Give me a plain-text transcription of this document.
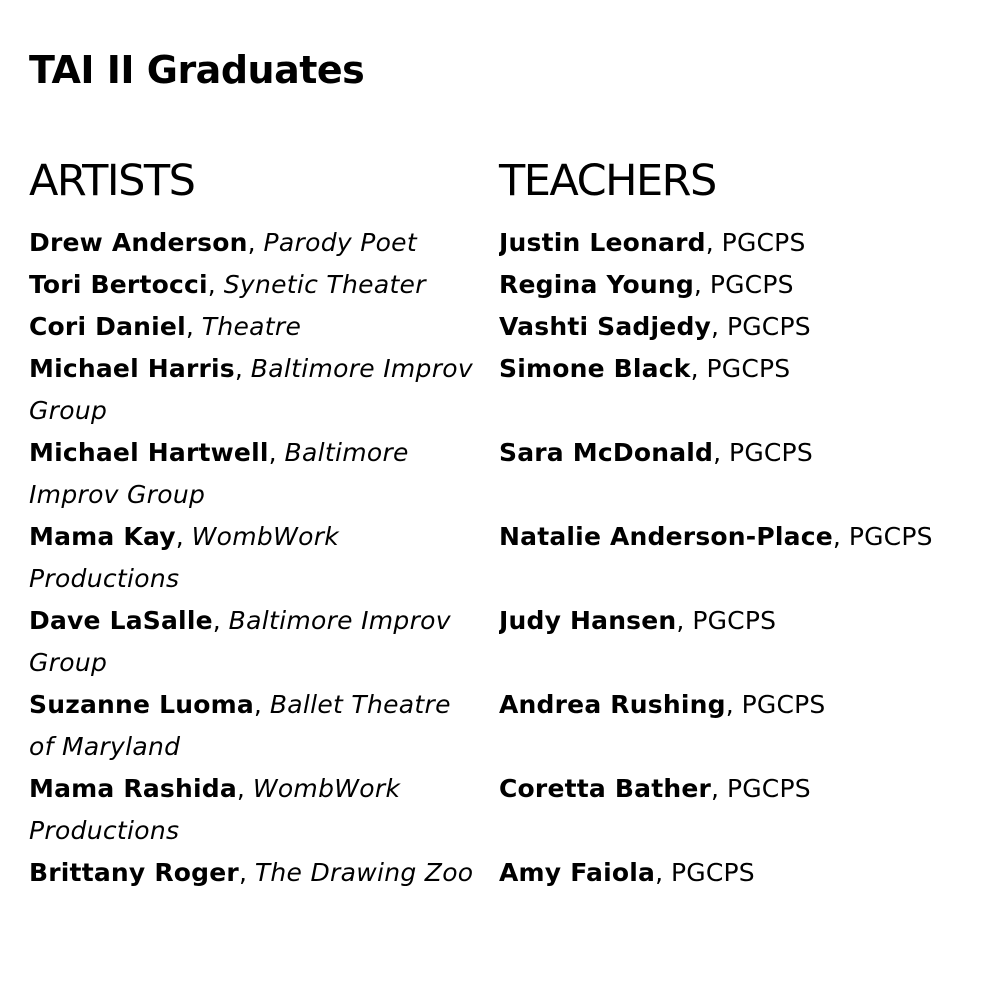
TAI II Graduates
ARTISTS
Drew Anderson, Parody Poet
Tori Bertocci, Synetic Theater
Cori Daniel, Theatre
Michael Harris, Baltimore Improv
Group
Michael Hartwell, Baltimore
Improv Group
Mama Kay, WombWork
Productions
Dave LaSalle, Baltimore Improv
Group
Suzanne Luoma, Ballet Theatre
of Maryland
Mama Rashida, WombWork
Productions
Brittany Roger, The Drawing Zoo
TEACHERS
Justin Leonard, PGCPS
Regina Young, PGCPS
Vashti Sadjedy, PGCPS
Simone Black, PGCPS
Sara McDonald, PGCPS
Natalie Anderson-Place, PGCPS
Judy Hansen, PGCPS
Andrea Rushing, PGCPS
Coretta Bather, PGCPS
Amy Faiola, PGCPS
